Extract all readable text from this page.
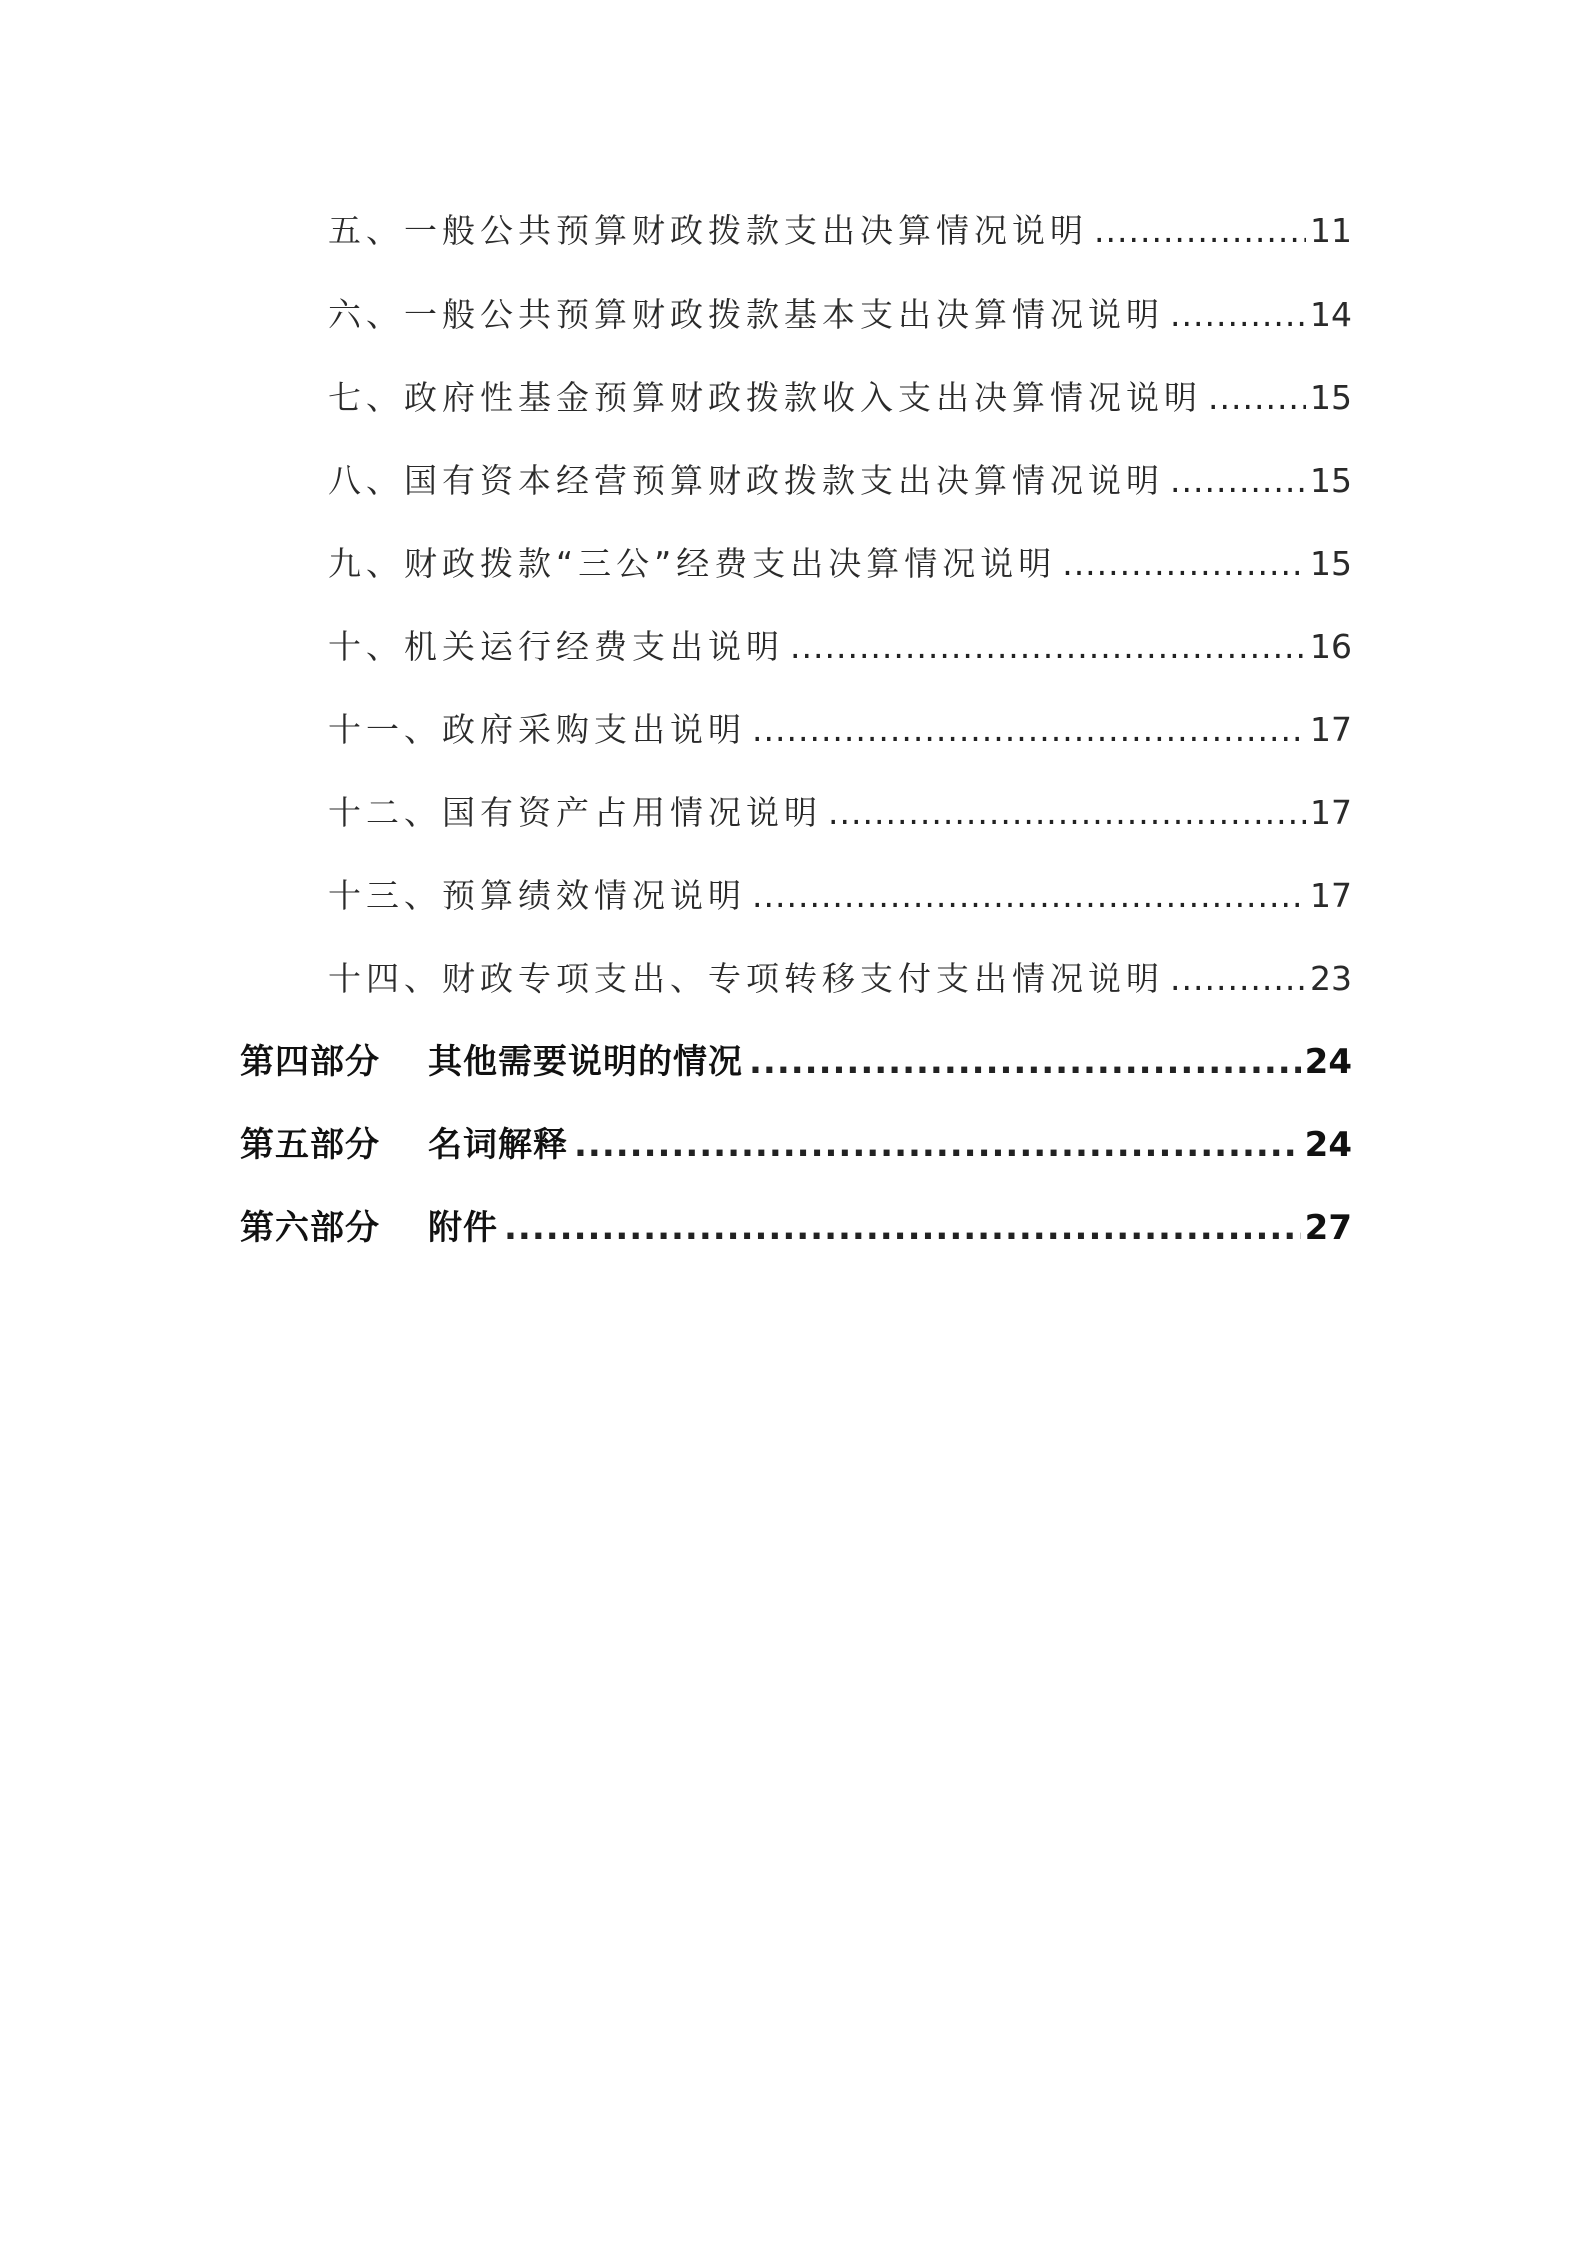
五、一般公共预算财政拨款支出决算情况说明 .....	11
六、一般公共预算财政拨款基本支出决算情况说明 .....	14
七、政府性基金预算财政拨款收入支出决算情况说明 .....	15
八、国有资本经营预算财政拨款支出决算情况说明 .....	15
九、财政拨款“三公”经费支出决算情况说明 .....	15
十、机关运行经费支出说明 .....	16
十一、政府采购支出说明 .....	17
十二、国有资产占用情况说明 .....	17
十三、预算绩效情况说明 .....	17
十四、财政专项支出、专项转移支付支出情况说明 .....	23
第四部分 其他需要说明的情况 .....	24
第五部分 名词解释 .....	24
第六部分 附件 .....	27
